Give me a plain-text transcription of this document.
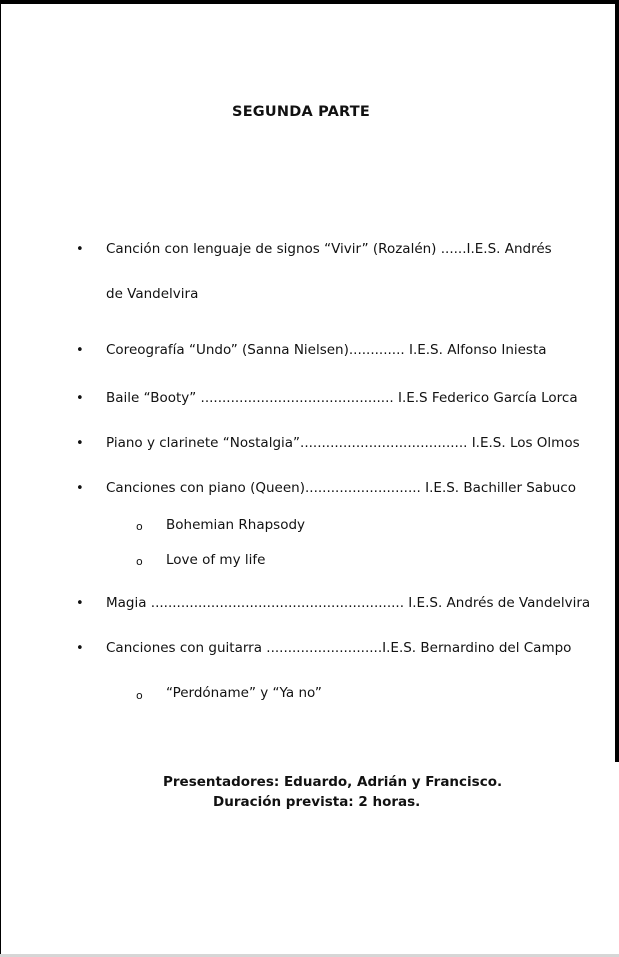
SEGUNDA PARTE
• Canción con lenguaje de signos “Vivir” (Rozalén) ......I.E.S. Andrés
de Vandelvira
• Coreografía “Undo” (Sanna Nielsen)............. I.E.S. Alfonso Iniesta
• Baile “Booty” ............................................. I.E.S Federico García Lorca
• Piano y clarinete “Nostalgia”....................................... I.E.S. Los Olmos
• Canciones con piano (Queen)........................... I.E.S. Bachiller Sabuco
o Bohemian Rhapsody
o Love of my life
• Magia ........................................................... I.E.S. Andrés de Vandelvira
• Canciones con guitarra ...........................I.E.S. Bernardino del Campo
o “Perdóname” y “Ya no”
Presentadores: Eduardo, Adrián y Francisco.
Duración prevista: 2 horas.
